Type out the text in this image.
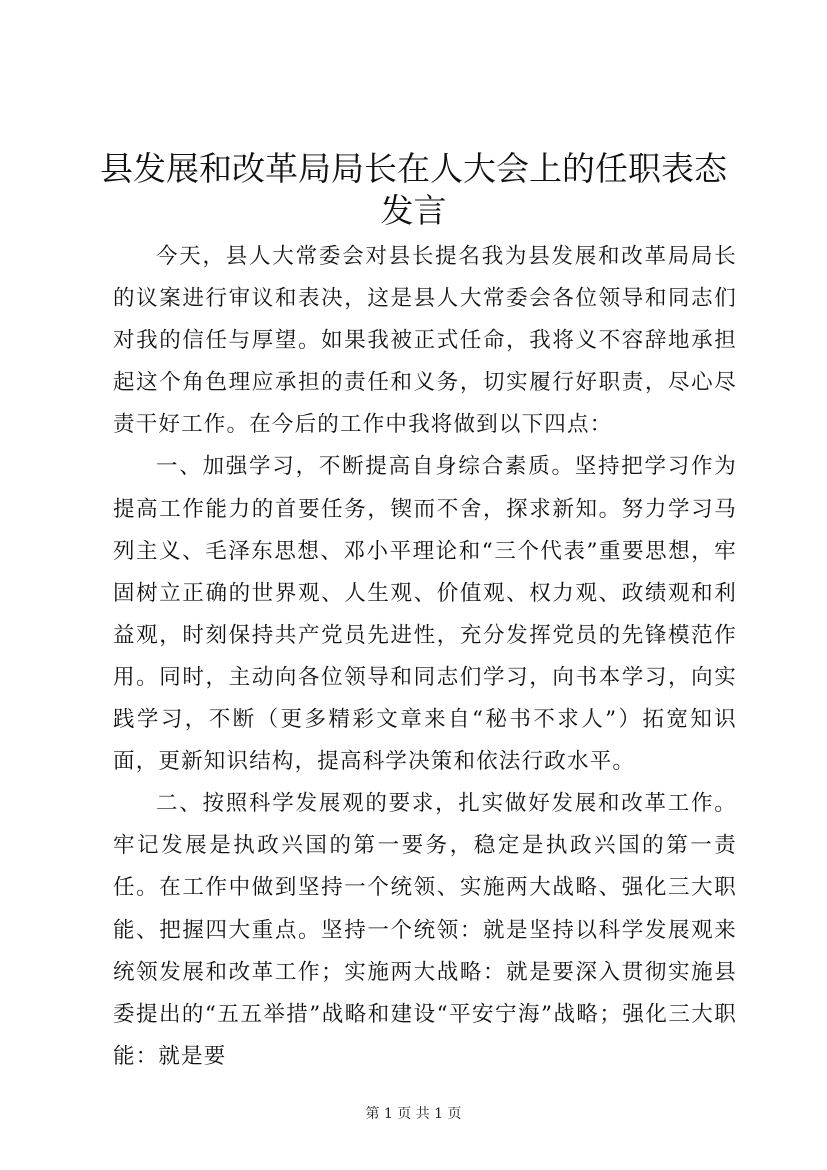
县发展和改革局局长在人大会上的任职表态发言

今天，县人大常委会对县长提名我为县发展和改革局局长的议案进行审议和表决，这是县人大常委会各位领导和同志们对我的信任与厚望。如果我被正式任命，我将义不容辞地承担起这个角色理应承担的责任和义务，切实履行好职责，尽心尽责干好工作。在今后的工作中我将做到以下四点：

一、加强学习，不断提高自身综合素质。坚持把学习作为提高工作能力的首要任务，锲而不舍，探求新知。努力学习马列主义、毛泽东思想、邓小平理论和“三个代表”重要思想，牢固树立正确的世界观、人生观、价值观、权力观、政绩观和利益观，时刻保持共产党员先进性，充分发挥党员的先锋模范作用。同时，主动向各位领导和同志们学习，向书本学习，向实践学习，不断（更多精彩文章来自“秘书不求人”）拓宽知识面，更新知识结构，提高科学决策和依法行政水平。

二、按照科学发展观的要求，扎实做好发展和改革工作。牢记发展是执政兴国的第一要务，稳定是执政兴国的第一责任。在工作中做到坚持一个统领、实施两大战略、强化三大职能、把握四大重点。坚持一个统领：就是坚持以科学发展观来统领发展和改革工作；实施两大战略：就是要深入贯彻实施县委提出的“五五举措”战略和建设“平安宁海”战略；强化三大职能：就是要

第 1 页 共 1 页
